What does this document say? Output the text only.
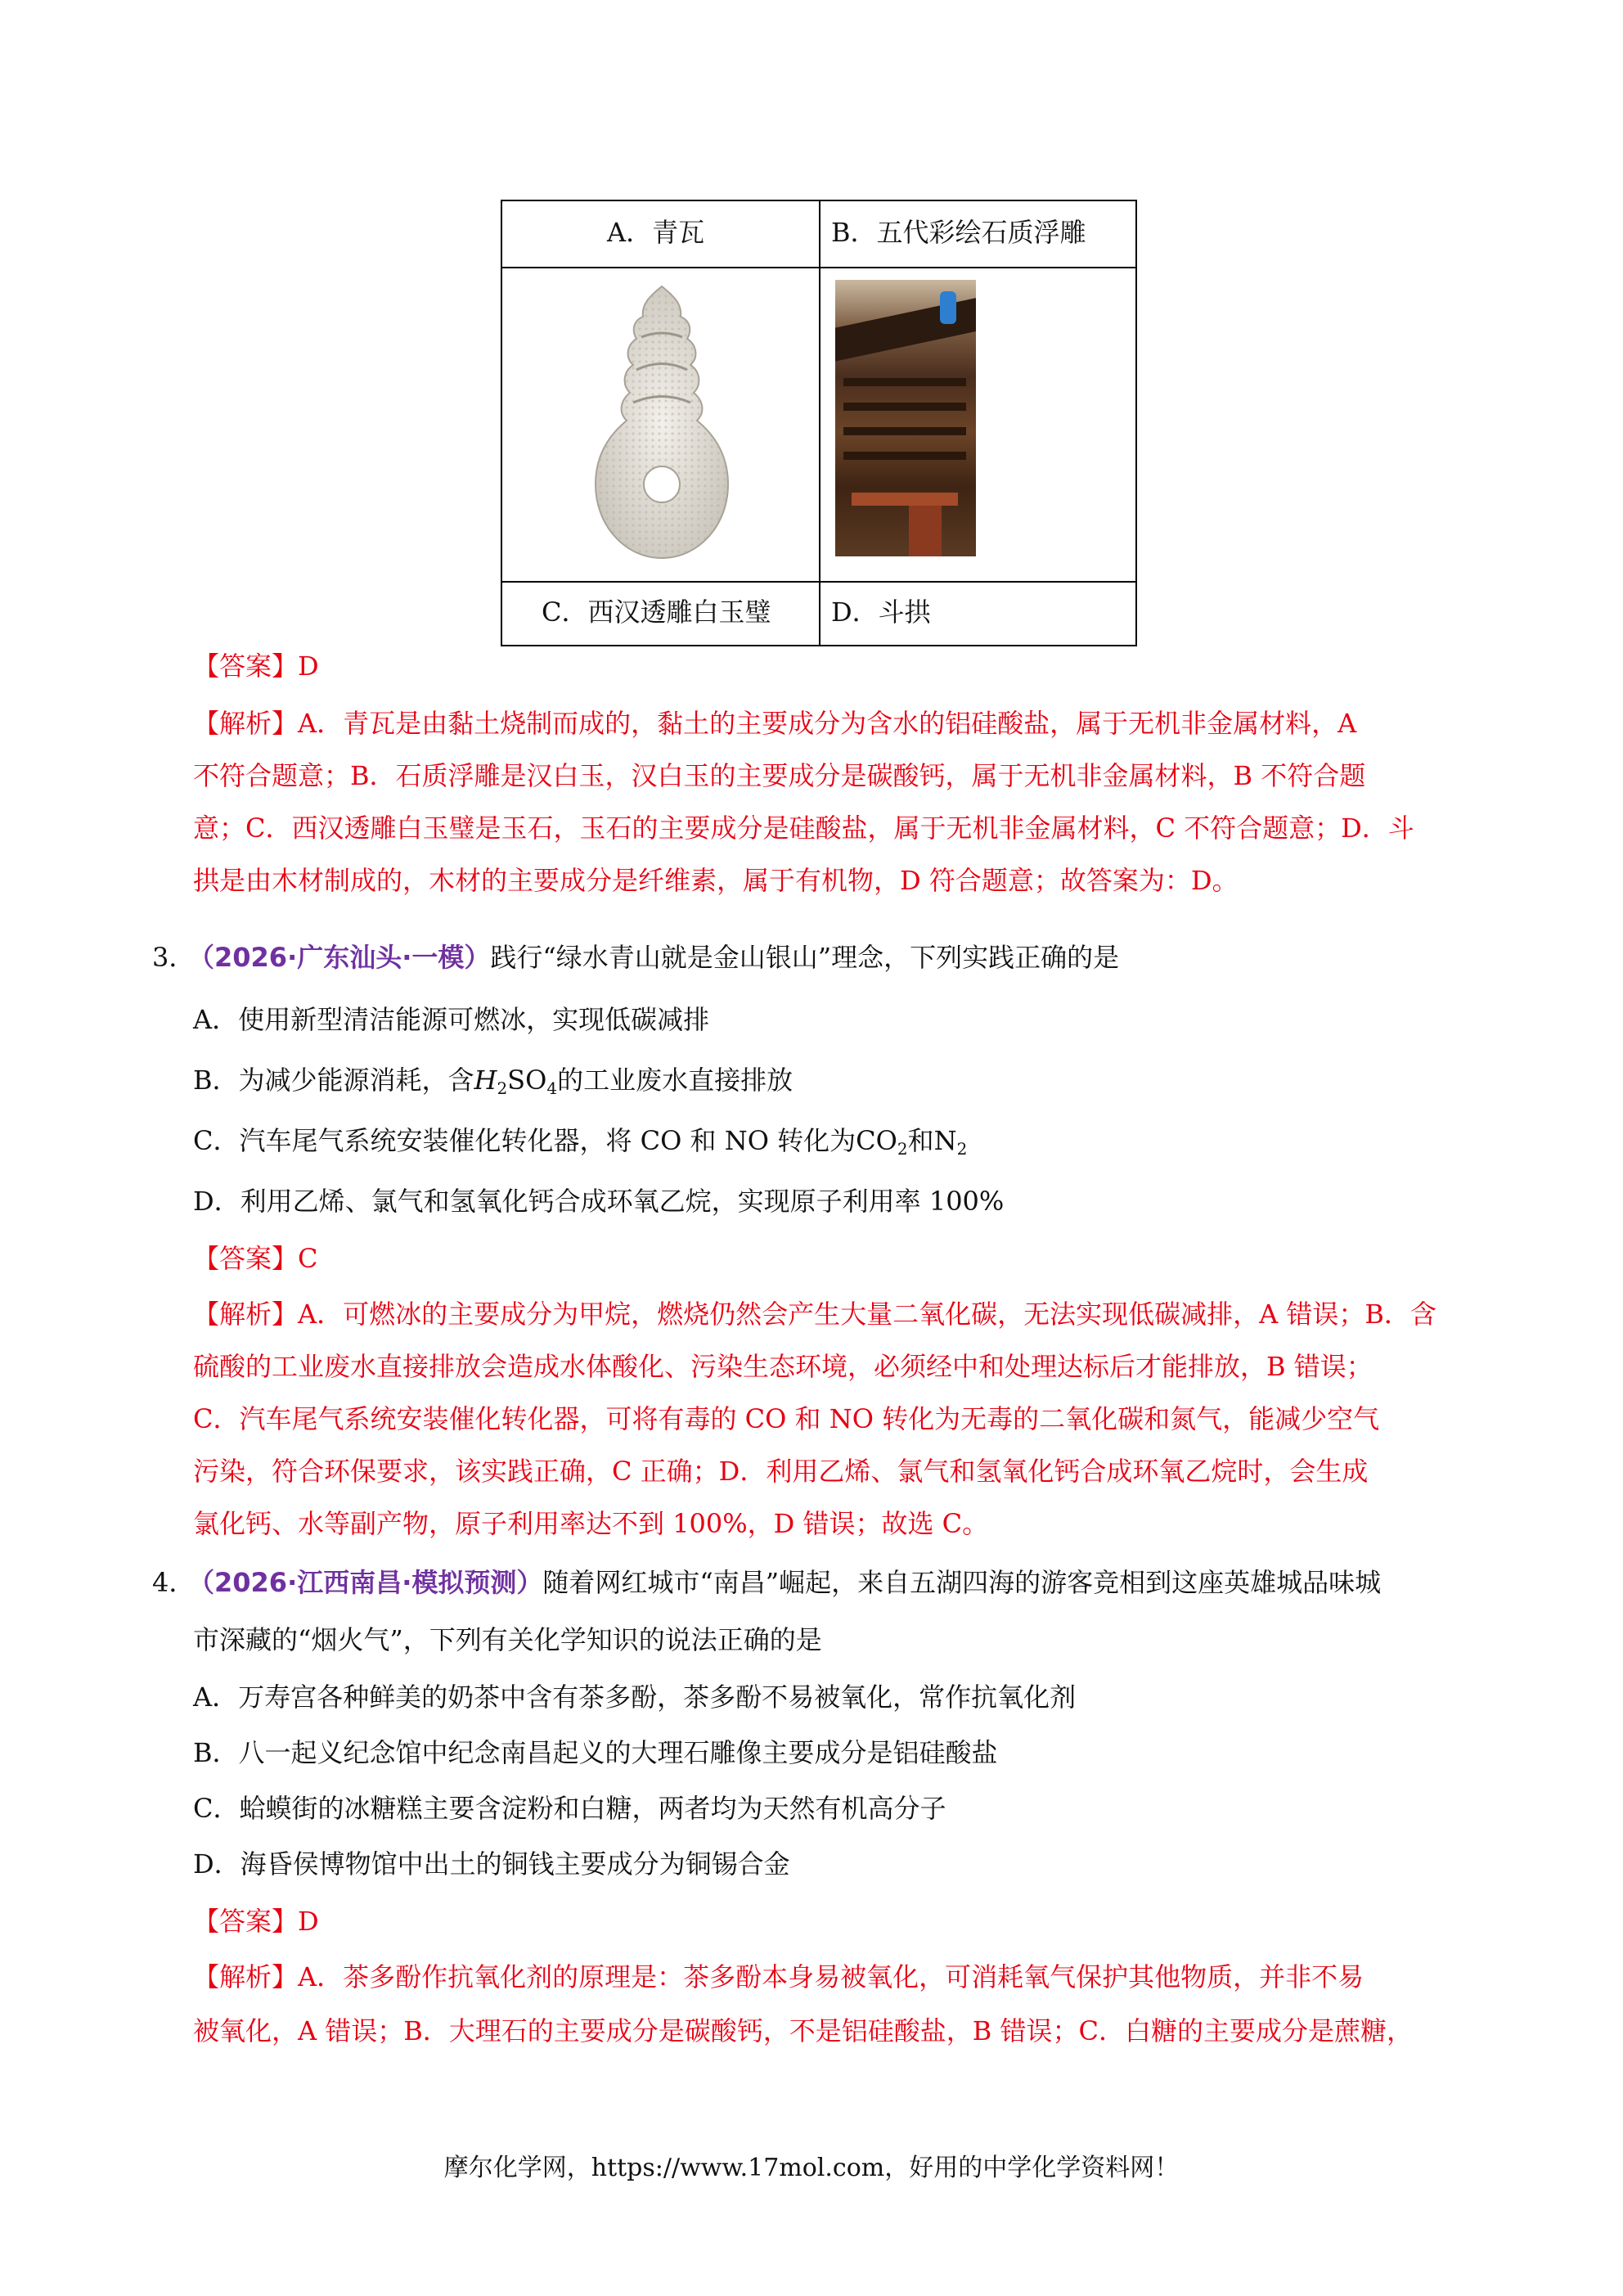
A．青瓦	B．五代彩绘石质浮雕
C．西汉透雕白玉璧 D．斗拱
【答案】D
【解析】A．青瓦是由黏土烧制而成的，黏土的主要成分为含水的铝硅酸盐，属于无机非金属材料，A
不符合题意；B．石质浮雕是汉白玉，汉白玉的主要成分是碳酸钙，属于无机非金属材料，B 不符合题
意；C．西汉透雕白玉璧是玉石，玉石的主要成分是硅酸盐，属于无机非金属材料，C 不符合题意；D．斗
拱是由木材制成的，木材的主要成分是纤维素，属于有机物，D 符合题意；故答案为：D。
3．
（2026·广东汕头·一模）践行“绿水青山就是金山银山”理念，下列实践正确的是
A．使用新型清洁能源可燃冰，实现低碳减排
B．为减少能源消耗，含$H_2SO_4$的工业废水直接排放
C．汽车尾气系统安装催化转化器，将 CO 和 NO 转化为$CO_2$和$N_2$
D．利用乙烯、氯气和氢氧化钙合成环氧乙烷，实现原子利用率 100%
【答案】C
【解析】A．可燃冰的主要成分为甲烷，燃烧仍然会产生大量二氧化碳，无法实现低碳减排，A 错误；B．含
硫酸的工业废水直接排放会造成水体酸化、污染生态环境，必须经中和处理达标后才能排放，B 错误；
C．汽车尾气系统安装催化转化器，可将有毒的 CO 和 NO 转化为无毒的二氧化碳和氮气，能减少空气
污染，符合环保要求，该实践正确，C 正确；D．利用乙烯、氯气和氢氧化钙合成环氧乙烷时，会生成
氯化钙、水等副产物，原子利用率达不到 100%，D 错误；故选 C。
4．
（2026·江西南昌·模拟预测）随着网红城市“南昌”崛起，来自五湖四海的游客竞相到这座英雄城品味城
市深藏的“烟火气”，下列有关化学知识的说法正确的是
A．万寿宫各种鲜美的奶茶中含有茶多酚，茶多酚不易被氧化，常作抗氧化剂
B．八一起义纪念馆中纪念南昌起义的大理石雕像主要成分是铝硅酸盐
C．蛤蟆街的冰糖糕主要含淀粉和白糖，两者均为天然有机高分子
D．海昏侯博物馆中出土的铜钱主要成分为铜锡合金
【答案】D
【解析】A．茶多酚作抗氧化剂的原理是：茶多酚本身易被氧化，可消耗氧气保护其他物质，并非不易
被氧化，A 错误；B．大理石的主要成分是碳酸钙，不是铝硅酸盐，B 错误；C．白糖的主要成分是蔗糖，
摩尔化学网，https://www.17mol.com，好用的中学化学资料网！
